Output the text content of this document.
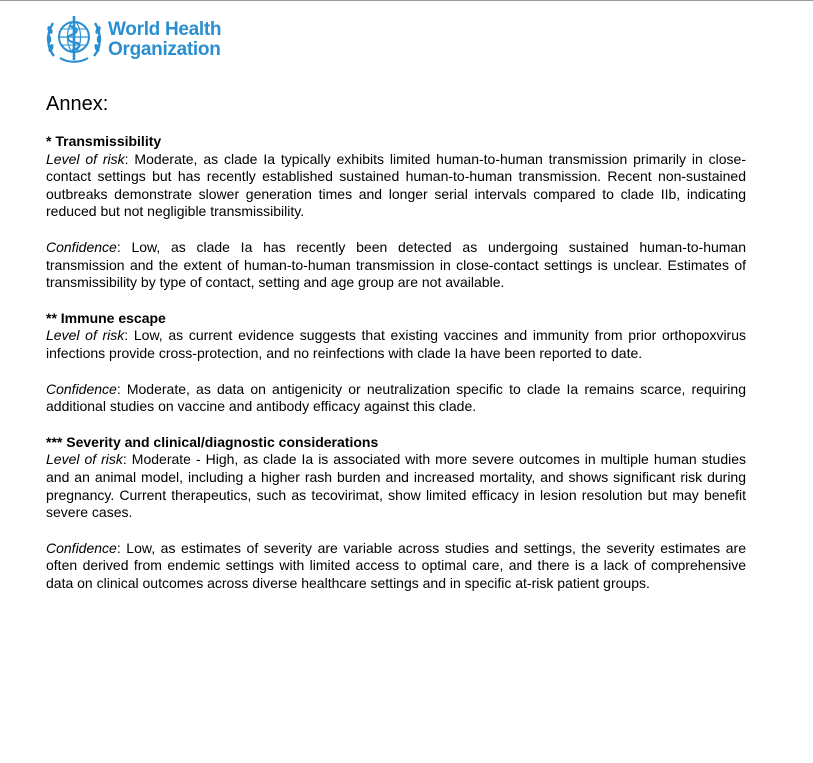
World Health
Organization
Annex:

* Transmissibility

Level of risk: Moderate, as clade Ia typically exhibits limited human-to-human transmission primarily in close-contact settings but has recently established sustained human-to-human transmission. Recent non-sustained outbreaks demonstrate slower generation times and longer serial intervals compared to clade IIb, indicating reduced but not negligible transmissibility.

Confidence: Low, as clade Ia has recently been detected as undergoing sustained human-to-human transmission and the extent of human-to-human transmission in close-contact settings is unclear. Estimates of transmissibility by type of contact, setting and age group are not available.

** Immune escape

Level of risk: Low, as current evidence suggests that existing vaccines and immunity from prior orthopoxvirus infections provide cross-protection, and no reinfections with clade Ia have been reported to date.

Confidence: Moderate, as data on antigenicity or neutralization specific to clade Ia remains scarce, requiring additional studies on vaccine and antibody efficacy against this clade.

*** Severity and clinical/diagnostic considerations

Level of risk: Moderate - High, as clade Ia is associated with more severe outcomes in multiple human studies and an animal model, including a higher rash burden and increased mortality, and shows significant risk during pregnancy. Current therapeutics, such as tecovirimat, show limited efficacy in lesion resolution but may benefit severe cases.

Confidence: Low, as estimates of severity are variable across studies and settings, the severity estimates are often derived from endemic settings with limited access to optimal care, and there is a lack of comprehensive data on clinical outcomes across diverse healthcare settings and in specific at-risk patient groups.
